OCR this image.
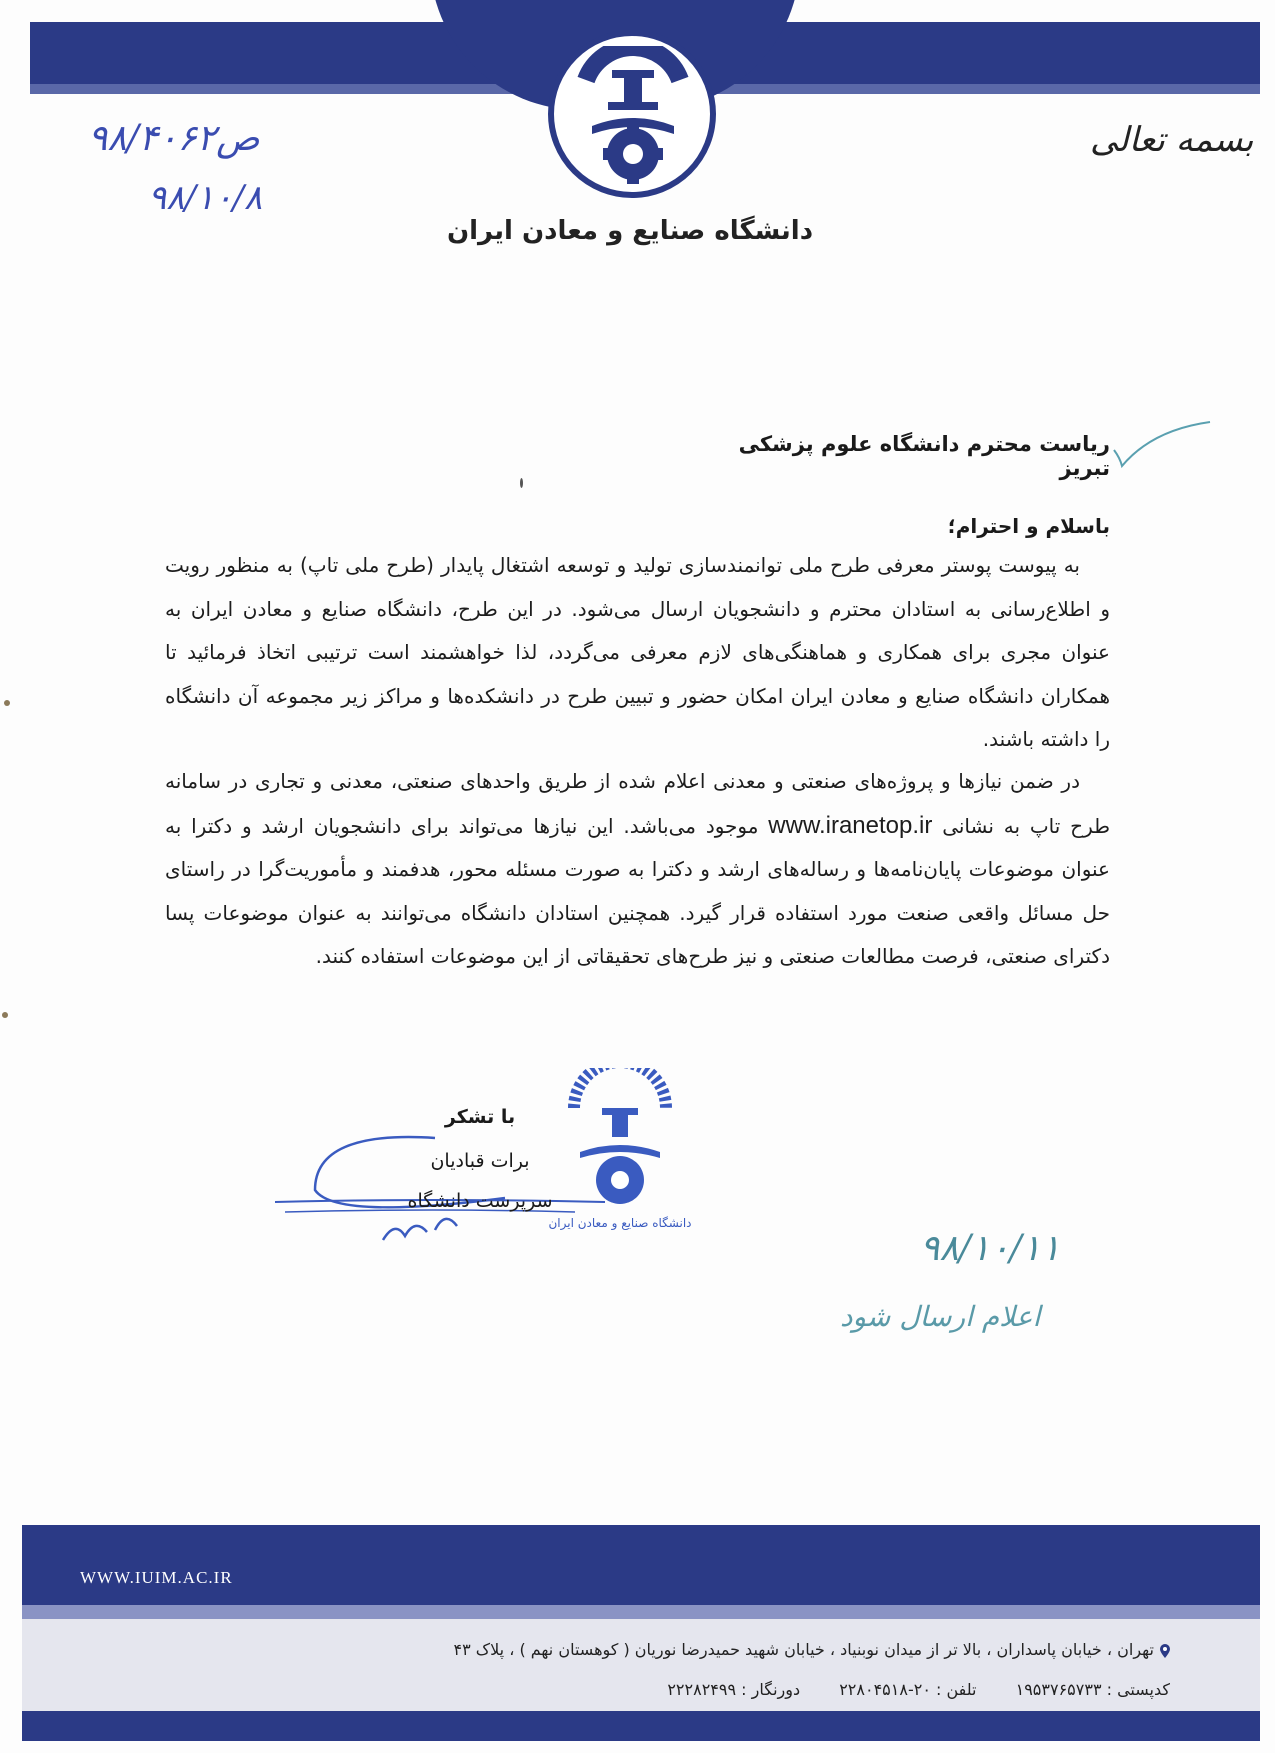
دانشگاه صنایع و معادن ایران
بسمه تعالی
۹۸/۴۰۶۲ص
۹۸/۱۰/۸
ریاست محترم دانشگاه علوم پزشکی تبریز
باسلام و احترام؛
به پیوست پوستر معرفی طرح ملی توانمندسازی تولید و توسعه اشتغال پایدار (طرح ملی تاپ) به منظور رویت و اطلاع‌رسانی به استادان محترم و دانشجویان ارسال می‌شود. در این طرح، دانشگاه صنایع و معادن ایران به عنوان مجری برای همکاری و هماهنگی‌های لازم معرفی می‌گردد، لذا خواهشمند است ترتیبی اتخاذ فرمائید تا همکاران دانشگاه صنایع و معادن ایران امکان حضور و تبیین طرح در دانشکده‌ها و مراکز زیر مجموعه آن دانشگاه را داشته باشند.
در ضمن نیازها و پروژه‌های صنعتی و معدنی اعلام شده از طریق واحدهای صنعتی، معدنی و تجاری در سامانه طرح تاپ به نشانی www.iranetop.ir موجود می‌باشد. این نیازها می‌تواند برای دانشجویان ارشد و دکترا به عنوان موضوعات پایان‌نامه‌ها و رساله‌های ارشد و دکترا به صورت مسئله محور، هدفمند و مأموریت‌گرا در راستای حل مسائل واقعی صنعت مورد استفاده قرار گیرد. همچنین استادان دانشگاه می‌توانند به عنوان موضوعات پسا دکترای صنعتی، فرصت مطالعات صنعتی و نیز طرح‌های تحقیقاتی از این موضوعات استفاده کنند.
با تشکر
برات قبادیان
سرپرست دانشگاه
دانشگاه صنایع و معادن ایران
۹۸/۱۰/۱۱
اعلام ارسال شود
WWW.IUIM.AC.IR
تهران ، خیابان پاسداران ، بالا تر از میدان نوبنیاد ، خیابان شهید حمیدرضا نوریان ( کوهستان نهم ) ، پلاک ۴۳
کدپستی : ۱۹۵۳۷۶۵۷۳۳ تلفن : ۲۰-۲۲۸۰۴۵۱۸ دورنگار : ۲۲۲۸۲۴۹۹
